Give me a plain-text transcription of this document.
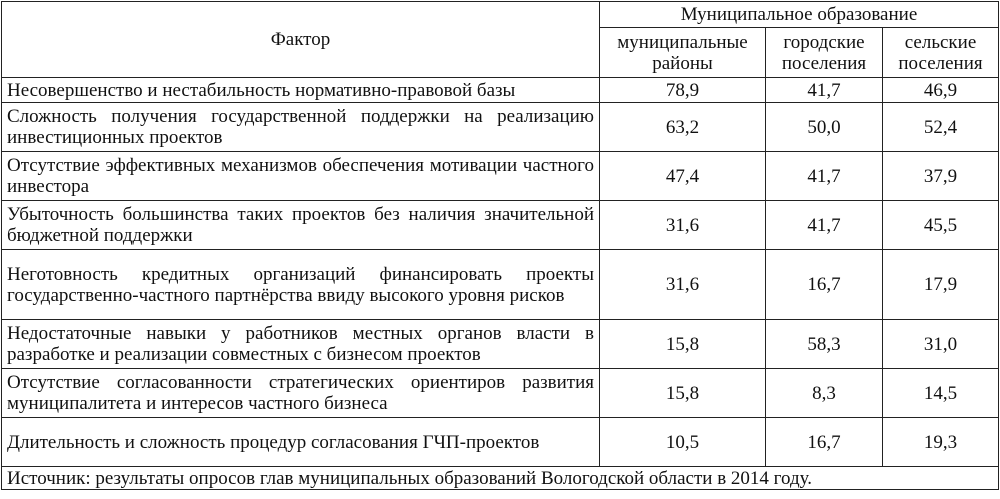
Фактор	Муниципальное образование		
	муниципальные районы	городские поселения	сельские поселения
Несовершенство и нестабильность нормативно-правовой базы	78,9	41,7	46,9
Сложность получения государственной поддержки на реализацию инвестиционных проектов	63,2	50,0	52,4
Отсутствие эффективных механизмов обеспечения мотивации частного инвестора	47,4	41,7	37,9
Убыточность большинства таких проектов без наличия значительной бюджетной поддержки	31,6	41,7	45,5
Неготовность кредитных организаций финансировать проекты государственно-частного партнёрства ввиду высокого уровня рисков	31,6	16,7	17,9
Недостаточные навыки у работников местных органов власти в разработке и реализации совместных с бизнесом проектов	15,8	58,3	31,0
Отсутствие согласованности стратегических ориентиров развития муниципалитета и интересов частного бизнеса	15,8	8,3	14,5
Длительность и сложность процедур согласования ГЧП-проектов	10,5	16,7	19,3
Источник: результаты опросов глав муниципальных образований Вологодской области в 2014 году.			
